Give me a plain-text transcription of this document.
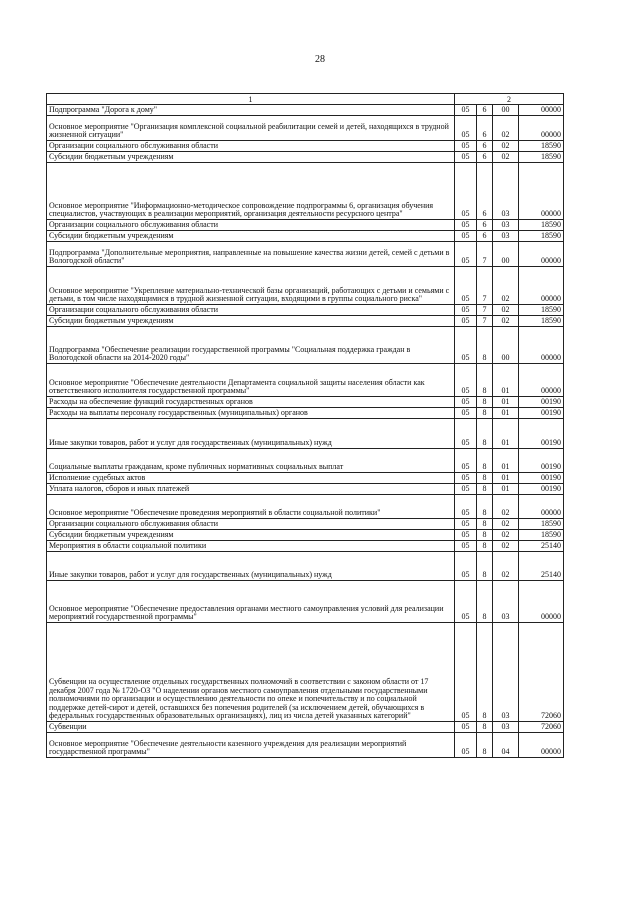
28
1	2			
Подпрограмма "Дорога к дому"	05	6	00	00000
Основное мероприятие "Организация комплексной социальной реабилитации семей и детей, находящихся в трудной жизненной ситуации"	05	6	02	00000
Организации социального обслуживания области	05	6	02	18590
Субсидии бюджетным учреждениям	05	6	02	18590
Основное мероприятие "Информационно-методическое сопровождение подпрограммы 6, организация обучения специалистов, участвующих в реализации мероприятий, организация деятельности ресурсного центра"	05	6	03	00000
Организации социального обслуживания области	05	6	03	18590
Субсидии бюджетным учреждениям	05	6	03	18590
Подпрограмма "Дополнительные мероприятия, направленные на повышение качества жизни детей, семей с детьми в Вологодской области"	05	7	00	00000
Основное мероприятие "Укрепление материально-технической базы организаций, работающих с детьми и семьями с детьми, в том числе находящимися в трудной жизненной ситуации, входящими в группы социального риска"	05	7	02	00000
Организации социального обслуживания области	05	7	02	18590
Субсидии бюджетным учреждениям	05	7	02	18590
Подпрограмма "Обеспечение реализации государственной программы "Социальная поддержка граждан в Вологодской области на 2014-2020 годы"	05	8	00	00000
Основное мероприятие "Обеспечение деятельности Департамента социальной защиты населения области как ответственного исполнителя государственной программы"	05	8	01	00000
Расходы на обеспечение функций государственных органов	05	8	01	00190
Расходы на выплаты персоналу государственных (муниципальных) органов	05	8	01	00190
Иные закупки товаров, работ и услуг для государственных (муниципальных) нужд	05	8	01	00190
Социальные выплаты гражданам, кроме публичных нормативных социальных выплат	05	8	01	00190
Исполнение судебных актов	05	8	01	00190
Уплата налогов, сборов и иных платежей	05	8	01	00190
Основное мероприятие "Обеспечение проведения мероприятий в области социальной политики"	05	8	02	00000
Организации социального обслуживания области	05	8	02	18590
Субсидии бюджетным учреждениям	05	8	02	18590
Мероприятия в области социальной политики	05	8	02	25140
Иные закупки товаров, работ и услуг для государственных (муниципальных) нужд	05	8	02	25140
Основное мероприятие "Обеспечение предоставления органами местного самоуправления условий для реализации мероприятий государственной программы"	05	8	03	00000
Субвенции на осуществление отдельных государственных полномочий в соответствии с законом области от 17 декабря 2007 года № 1720-ОЗ "О наделении органов местного самоуправления отдельными государственными полномочиями по организации и осуществлению деятельности по опеке и попечительству и по социальной поддержке детей-сирот и детей, оставшихся без попечения родителей (за исключением детей, обучающихся в федеральных государственных образовательных организациях), лиц из числа детей указанных категорий"	05	8	03	72060
Субвенции	05	8	03	72060
Основное мероприятие "Обеспечение деятельности казенного учреждения для реализации мероприятий государственной программы"	05	8	04	00000
